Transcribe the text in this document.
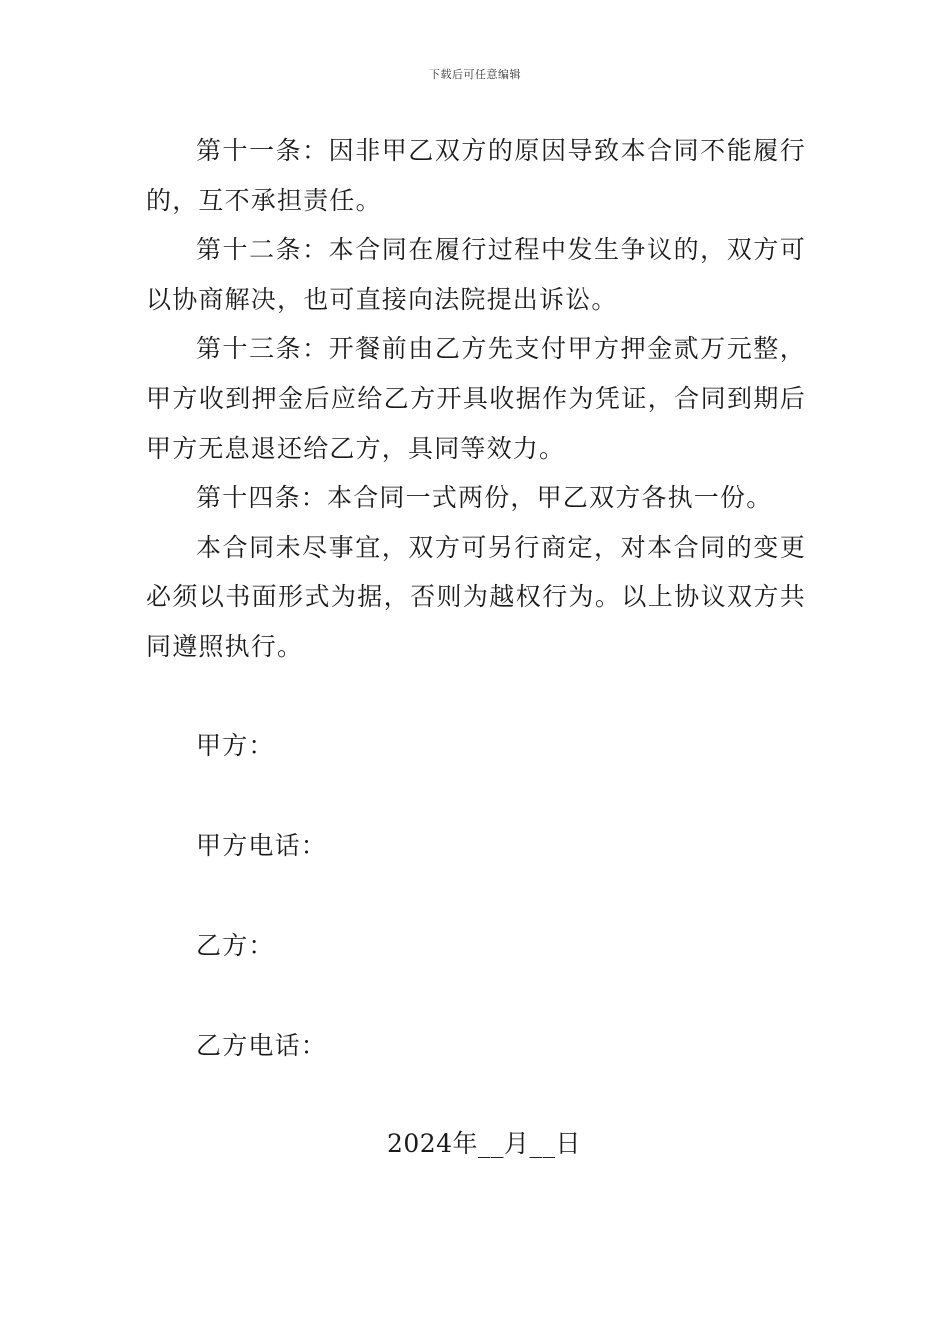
下载后可任意编辑

第十一条：因非甲乙双方的原因导致本合同不能履行的，互不承担责任。

第十二条：本合同在履行过程中发生争议的，双方可以协商解决，也可直接向法院提出诉讼。

第十三条：开餐前由乙方先支付甲方押金贰万元整，甲方收到押金后应给乙方开具收据作为凭证，合同到期后甲方无息退还给乙方，具同等效力。

第十四条：本合同一式两份，甲乙双方各执一份。

本合同未尽事宜，双方可另行商定，对本合同的变更必须以书面形式为据，否则为越权行为。以上协议双方共同遵照执行。

甲方：
甲方电话：
乙方：
乙方电话：
2024年__月__日
